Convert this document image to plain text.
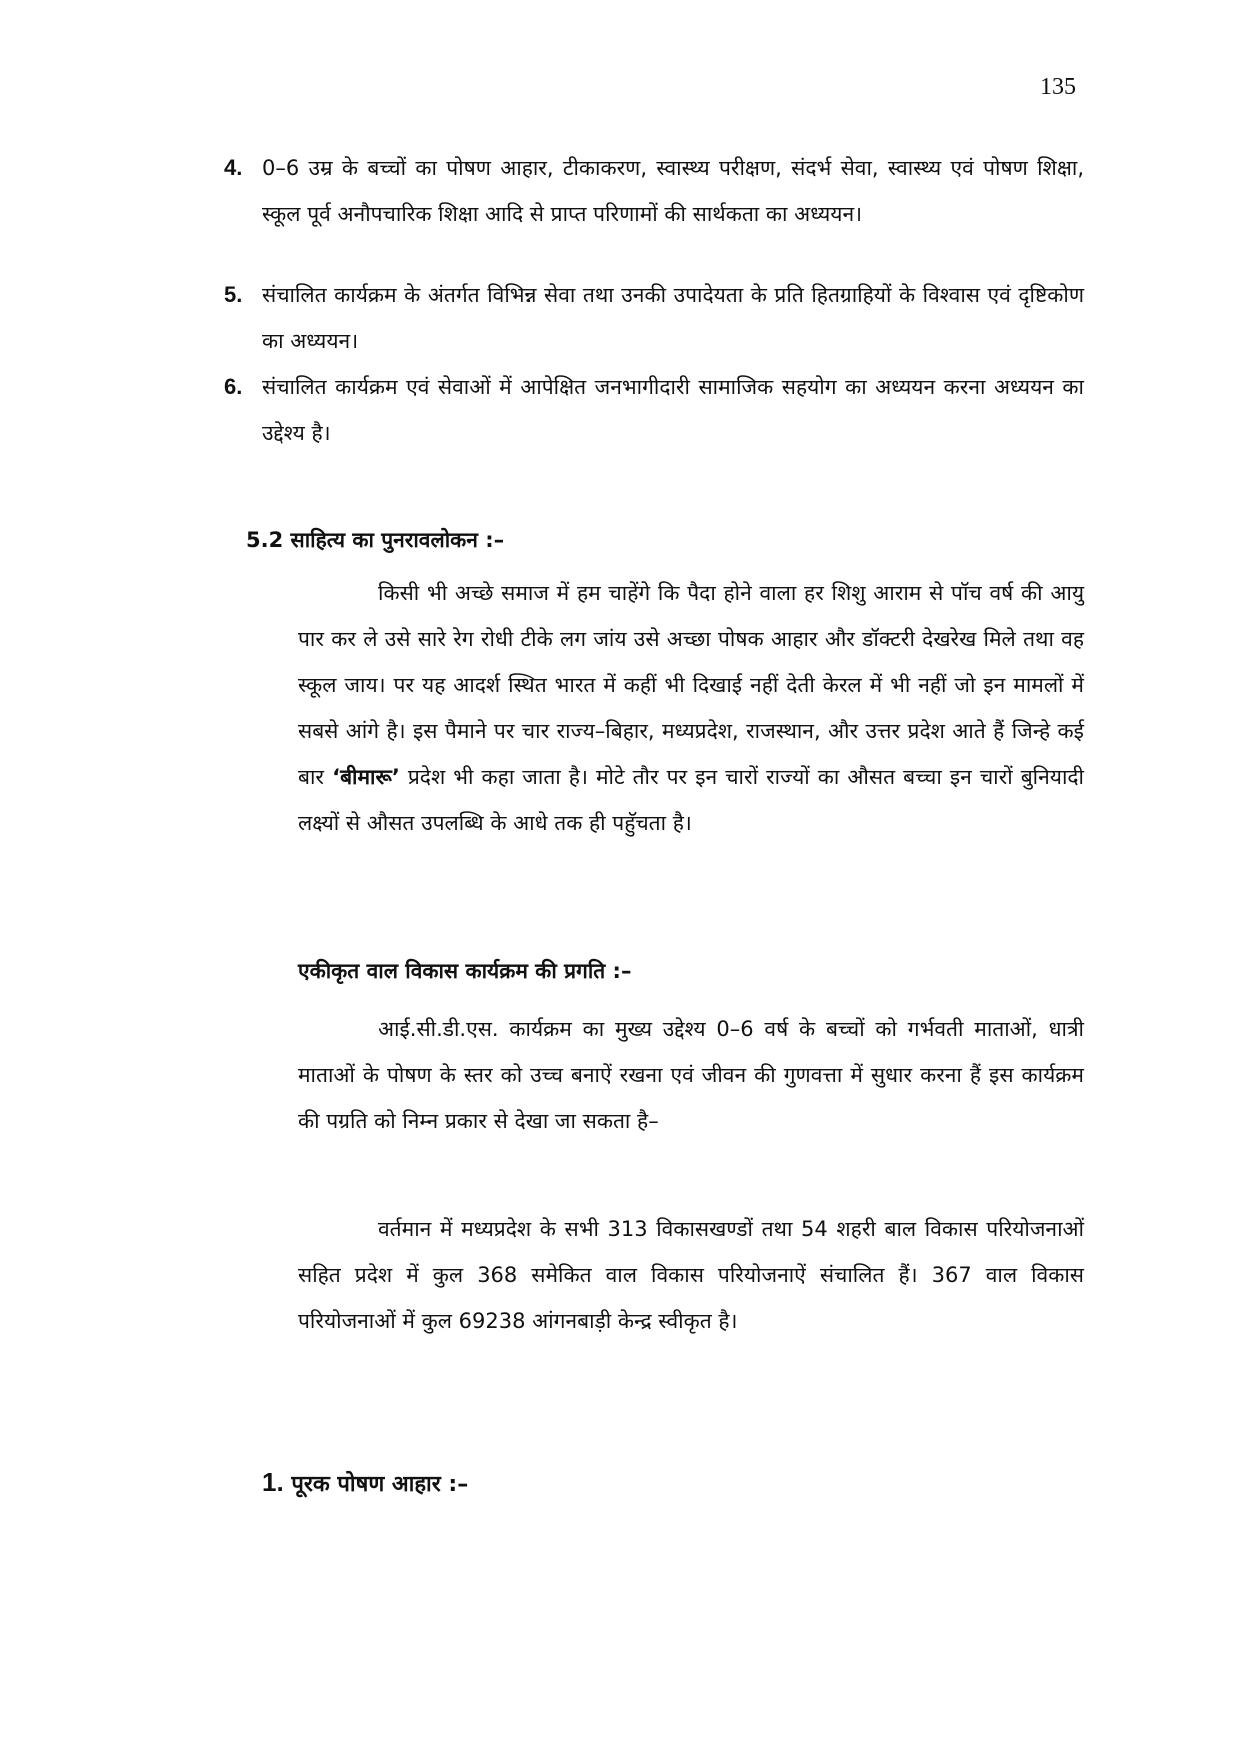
135
4. 0–6 उम्र के बच्चों का पोषण आहार, टीकाकरण, स्वास्थ्य परीक्षण, संदर्भ सेवा, स्वास्थ्य एवं पोषण शिक्षा, स्कूल पूर्व अनौपचारिक शिक्षा आदि से प्राप्त परिणामों की सार्थकता का अध्ययन।
5. संचालित कार्यक्रम के अंतर्गत विभिन्न सेवा तथा उनकी उपादेयता के प्रति हितग्राहियों के विश्वास एवं दृष्टिकोण का अध्ययन।
6. संचालित कार्यक्रम एवं सेवाओं में आपेक्षित जनभागीदारी सामाजिक सहयोग का अध्ययन करना अध्ययन का उद्देश्य है।
5.2 साहित्य का पुनरावलोकन :–
किसी भी अच्छे समाज में हम चाहेंगे कि पैदा होने वाला हर शिशु आराम से पॉच वर्ष की आयु पार कर ले उसे सारे रेग रोधी टीके लग जांय उसे अच्छा पोषक आहार और डॉक्टरी देखरेख मिले तथा वह स्कूल जाय। पर यह आदर्श स्थित भारत में कहीं भी दिखाई नहीं देती केरल में भी नहीं जो इन मामलों में सबसे आंगे है। इस पैमाने पर चार राज्य–बिहार, मध्यप्रदेश, राजस्थान, और उत्तर प्रदेश आते हैं जिन्हे कई बार ‘बीमारू’ प्रदेश भी कहा जाता है। मोटे तौर पर इन चारों राज्यों का औसत बच्चा इन चारों बुनियादी लक्ष्यों से औसत उपलब्धि के आधे तक ही पहुॅचता है।
एकीकृत वाल विकास कार्यक्रम की प्रगति :–
आई.सी.डी.एस. कार्यक्रम का मुख्य उद्देश्य 0–6 वर्ष के बच्चों को गर्भवती माताओं, धात्री माताओं के पोषण के स्तर को उच्च बनाऐं रखना एवं जीवन की गुणवत्ता में सुधार करना हैं इस कार्यक्रम की पग्रति को निम्न प्रकार से देखा जा सकता है–
वर्तमान में मध्यप्रदेश के सभी 313 विकासखण्डों तथा 54 शहरी बाल विकास परियोजनाओं सहित प्रदेश में कुल 368 समेकित वाल विकास परियोजनाऐं संचालित हैं। 367 वाल विकास परियोजनाओं में कुल 69238 आंगनबाड़ी केन्द्र स्वीकृत है।
1. पूरक पोषण आहार :–
